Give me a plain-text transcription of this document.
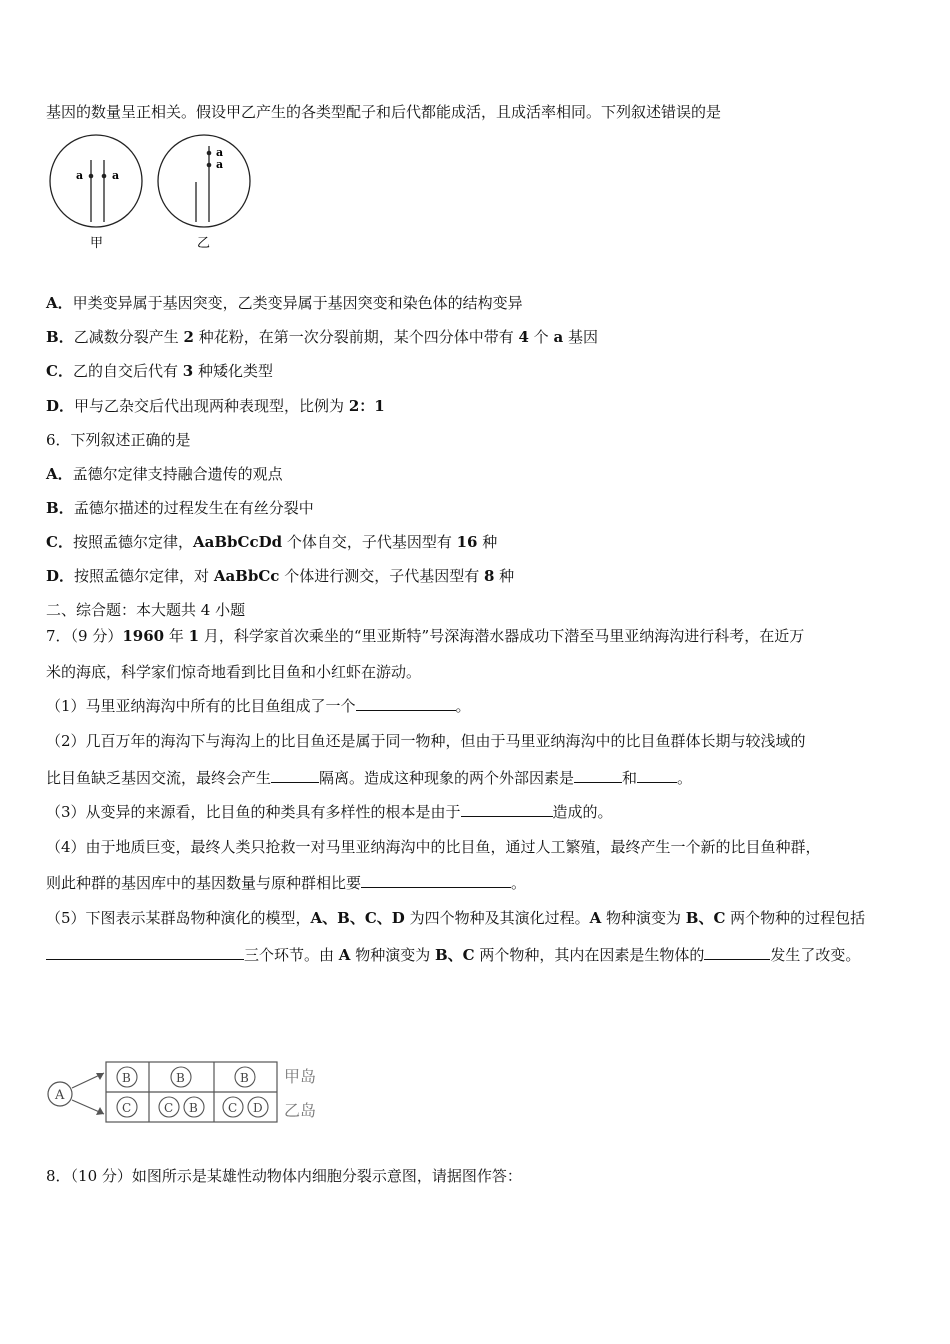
基因的数量呈正相关。假设甲乙产生的各类型配子和后代都能成活，且成活率相同。下列叙述错误的是
a	a
甲
a
a
乙
A．甲类变异属于基因突变，乙类变异属于基因突变和染色体的结构变异
B．乙减数分裂产生 2 种花粉，在第一次分裂前期，某个四分体中带有 4 个 a 基因
C．乙的自交后代有 3 种矮化类型
D．甲与乙杂交后代出现两种表现型，比例为 2：1
6．下列叙述正确的是
A．孟德尔定律支持融合遗传的观点
B．孟德尔描述的过程发生在有丝分裂中
C．按照孟德尔定律，AaBbCcDd 个体自交，子代基因型有 16 种
D．按照孟德尔定律，对 AaBbCc 个体进行测交，子代基因型有 8 种
二、综合题：本大题共 4 小题
7．（9 分）1960 年 1 月，科学家首次乘坐的“里亚斯特”号深海潜水器成功下潜至马里亚纳海沟进行科考，在近万
米的海底，科学家们惊奇地看到比目鱼和小红虾在游动。
（1）马里亚纳海沟中所有的比目鱼组成了一个	。
（2）几百万年的海沟下与海沟上的比目鱼还是属于同一物种，但由于马里亚纳海沟中的比目鱼群体长期与较浅域的
比目鱼缺乏基因交流，最终会产生	隔离。造成这种现象的两个外部因素是	和	。
（3）从变异的来源看，比目鱼的种类具有多样性的根本是由于	造成的。
（4）由于地质巨变，最终人类只抢救一对马里亚纳海沟中的比目鱼，通过人工繁殖，最终产生一个新的比目鱼种群，
则此种群的基因库中的基因数量与原种群相比要	。
（5）下图表示某群岛物种演化的模型，A、B、C、D 为四个物种及其演化过程。A 物种演变为 B、C 两个物种的过程包括
三个环节。由 A 物种演变为 B、C 两个物种，其内在因素是生物体的	发生了改变。
A
B	B	B
C	C B	C D
甲岛
乙岛
8．（10 分）如图所示是某雄性动物体内细胞分裂示意图，请据图作答：
